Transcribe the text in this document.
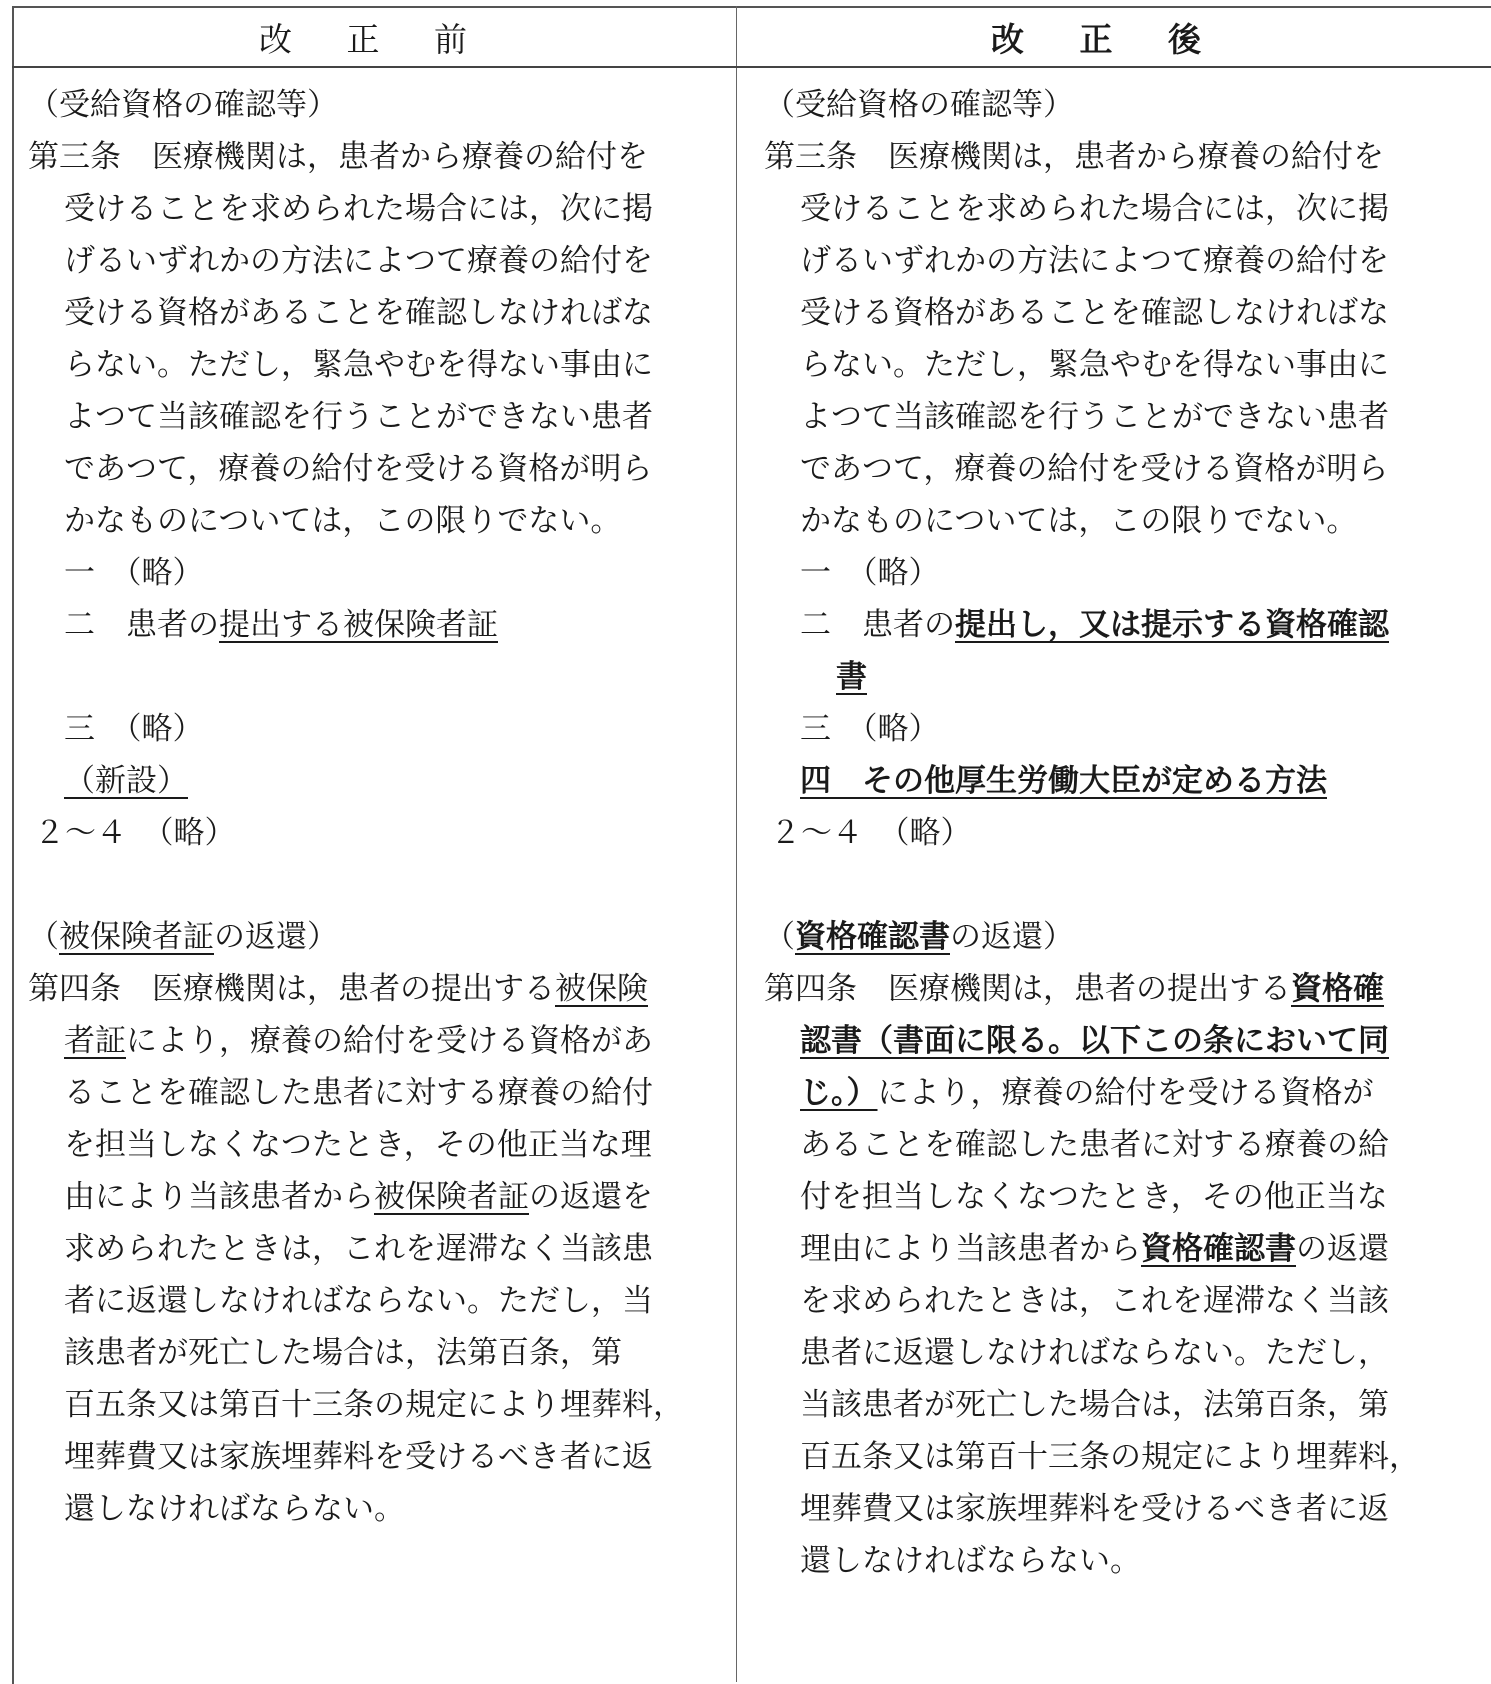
改 正 前	改 正 後
（受給資格の確認等）
第三条　医療機関は，患者から療養の給付を
受けることを求められた場合には，次に掲
げるいずれかの方法によつて療養の給付を
受ける資格があることを確認しなければな
らない。ただし，緊急やむを得ない事由に
よつて当該確認を行うことができない患者
であつて，療養の給付を受ける資格が明ら
かなものについては，この限りでない。
一　（略）
二　患者の提出する被保険者証
三　（略）
（新設）
２～４　（略）
（被保険者証の返還）
第四条　医療機関は，患者の提出する被保険
者証により，療養の給付を受ける資格があ
ることを確認した患者に対する療養の給付
を担当しなくなつたとき，その他正当な理
由により当該患者から被保険者証の返還を
求められたときは，これを遅滞なく当該患
者に返還しなければならない。ただし，当
該患者が死亡した場合は，法第百条，第
百五条又は第百十三条の規定により埋葬料，
埋葬費又は家族埋葬料を受けるべき者に返
還しなければならない。
（受給資格の確認等）
第三条　医療機関は，患者から療養の給付を
受けることを求められた場合には，次に掲
げるいずれかの方法によつて療養の給付を
受ける資格があることを確認しなければな
らない。ただし，緊急やむを得ない事由に
よつて当該確認を行うことができない患者
であつて，療養の給付を受ける資格が明ら
かなものについては，この限りでない。
一　（略）
二　患者の提出し，又は提示する資格確認
書
三　（略）
四　 その他厚生労働大臣が定める方法
２～４　（略）
（資格確認書の返還）
第四条　医療機関は，患者の提出する資格確
認書（書面に限る。以下この条において同
じ。）により，療養の給付を受ける資格が
あることを確認した患者に対する療養の給
付を担当しなくなつたとき，その他正当な
理由により当該患者から資格確認書の返還
を求められたときは，これを遅滞なく当該
患者に返還しなければならない。ただし，
当該患者が死亡した場合は，法第百条，第
百五条又は第百十三条の規定により埋葬料，
埋葬費又は家族埋葬料を受けるべき者に返
還しなければならない。
